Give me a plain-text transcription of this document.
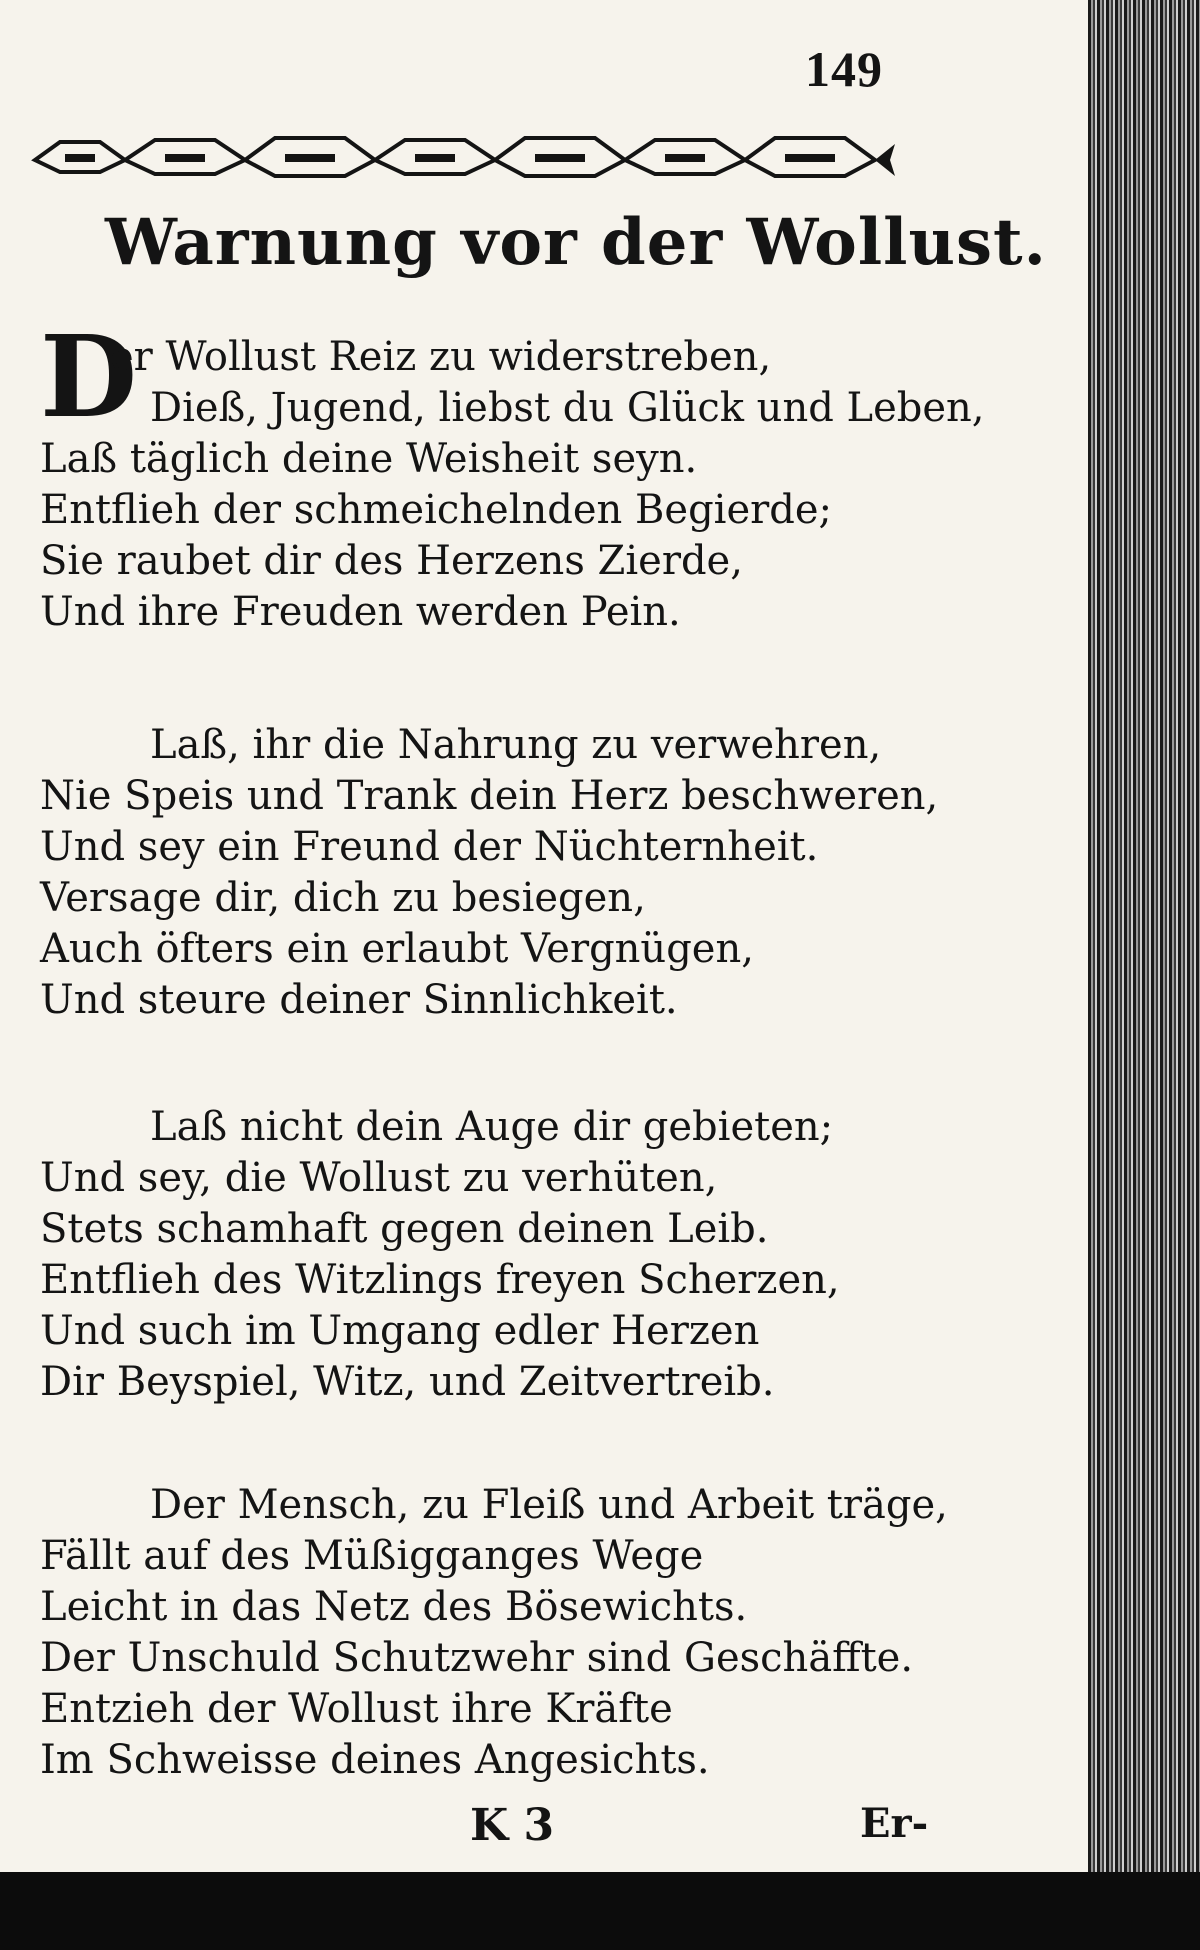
149
Warnung vor der Wollust.
D
er Wollust Reiz zu widerstreben,
Dieß, Jugend, liebst du Glück und Leben,
Laß täglich deine Weisheit seyn.
Entflieh der schmeichelnden Begierde;
Sie raubet dir des Herzens Zierde,
Und ihre Freuden werden Pein.
Laß, ihr die Nahrung zu verwehren,
Nie Speis und Trank dein Herz beschweren,
Und sey ein Freund der Nüchternheit.
Versage dir, dich zu besiegen,
Auch öfters ein erlaubt Vergnügen,
Und steure deiner Sinnlichkeit.
Laß nicht dein Auge dir gebieten;
Und sey, die Wollust zu verhüten,
Stets schamhaft gegen deinen Leib.
Entflieh des Witzlings freyen Scherzen,
Und such im Umgang edler Herzen
Dir Beyspiel, Witz, und Zeitvertreib.
Der Mensch, zu Fleiß und Arbeit träge,
Fällt auf des Müßigganges Wege
Leicht in das Netz des Bösewichts.
Der Unschuld Schutzwehr sind Geschäffte.
Entzieh der Wollust ihre Kräfte
Im Schweisse deines Angesichts.
K 3	Er-
